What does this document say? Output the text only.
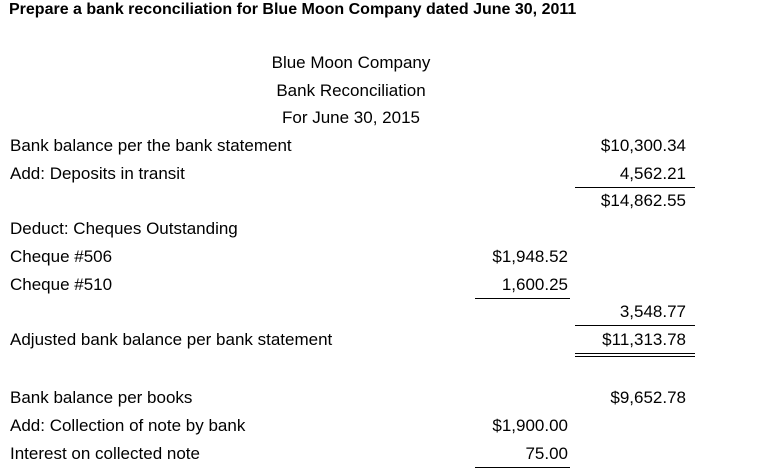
Prepare a bank reconciliation for Blue Moon Company dated June 30, 2011
Blue Moon Company
Bank Reconciliation
For June 30, 2015
Bank balance per the bank statement	$10,300.34
Add: Deposits in transit	4,562.21
$14,862.55
Deduct: Cheques Outstanding
Cheque #506	$1,948.52
Cheque #510	1,600.25
3,548.77
Adjusted bank balance per bank statement	$11,313.78
Bank balance per books	$9,652.78
Add: Collection of note by bank	$1,900.00
Interest on collected note	75.00
